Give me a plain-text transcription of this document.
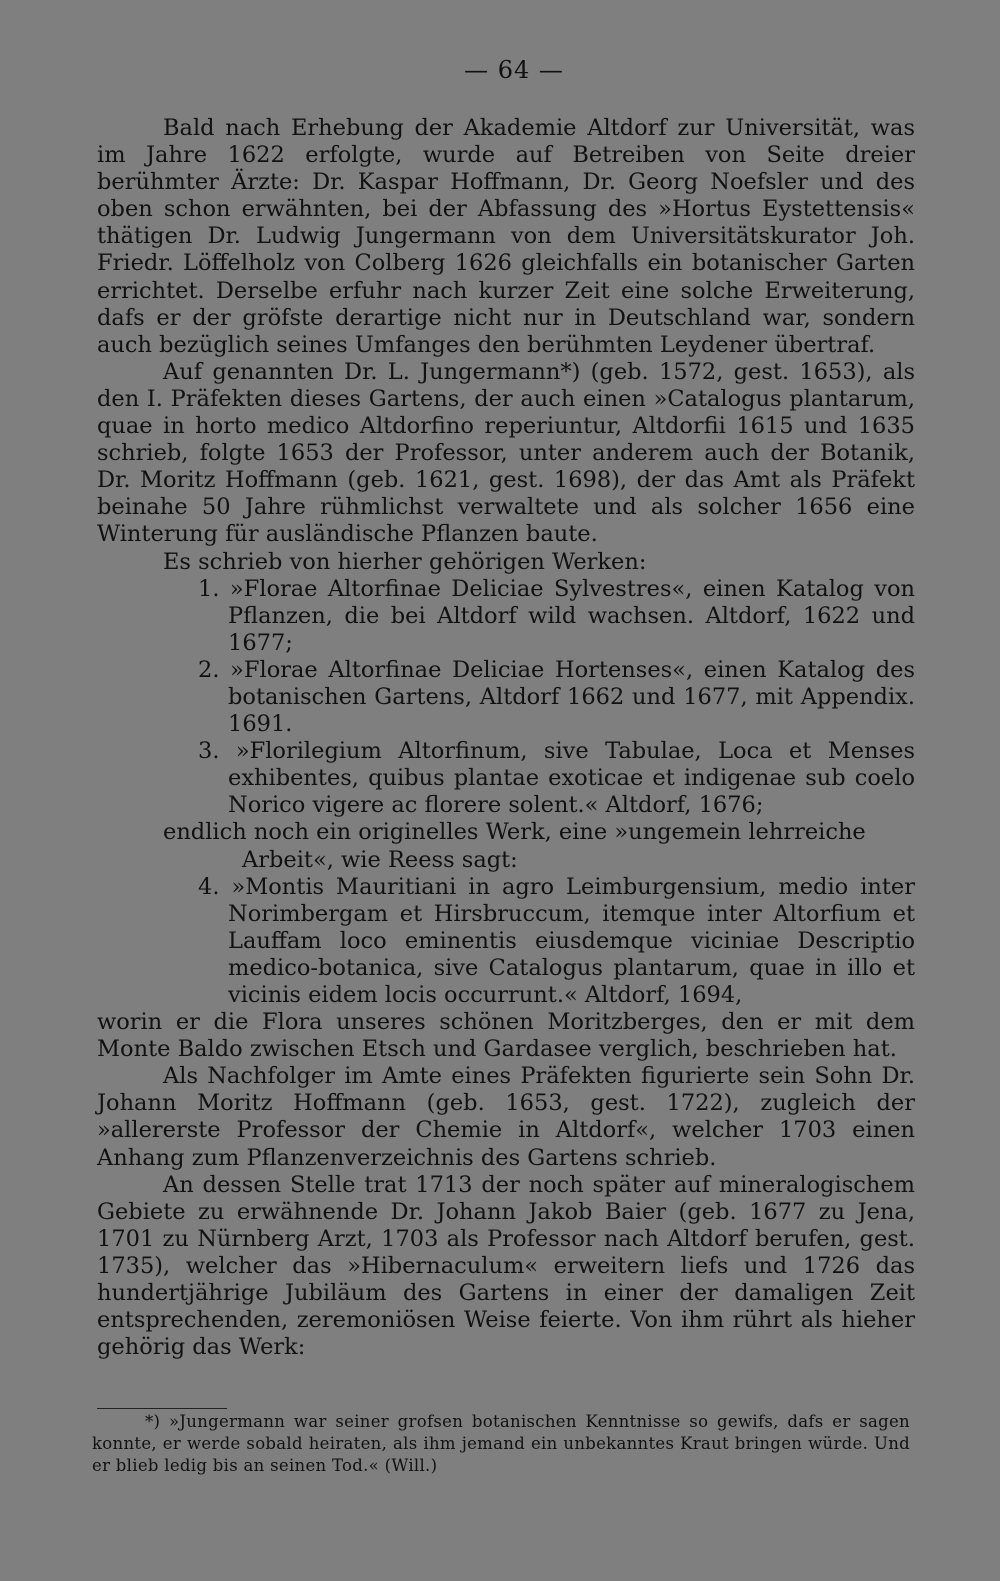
— 64 —

Bald nach Erhebung der Akademie Altdorf zur Universität, was im Jahre 1622 erfolgte, wurde auf Betreiben von Seite dreier berühmter Ärzte: Dr. Kaspar Hoffmann, Dr. Georg Noefsler und des oben schon erwähnten, bei der Abfassung des »Hortus Eystettensis« thätigen Dr. Ludwig Jungermann von dem Universitätskurator Joh. Friedr. Löffelholz von Colberg 1626 gleichfalls ein botanischer Garten errichtet. Derselbe erfuhr nach kurzer Zeit eine solche Erweiterung, dafs er der gröfste derartige nicht nur in Deutschland war, sondern auch bezüglich seines Umfanges den berühmten Leydener übertraf.

Auf genannten Dr. L. Jungermann*) (geb. 1572, gest. 1653), als den I. Präfekten dieses Gartens, der auch einen »Catalogus plantarum, quae in horto medico Altdorfino reperiuntur, Altdorfii 1615 und 1635 schrieb, folgte 1653 der Professor, unter anderem auch der Botanik, Dr. Moritz Hoffmann (geb. 1621, gest. 1698), der das Amt als Präfekt beinahe 50 Jahre rühmlichst verwaltete und als solcher 1656 eine Winterung für ausländische Pflanzen baute.

Es schrieb von hierher gehörigen Werken:

1. »Florae Altorfinae Deliciae Sylvestres«, einen Katalog von Pflanzen, die bei Altdorf wild wachsen. Altdorf, 1622 und 1677;

2. »Florae Altorfinae Deliciae Hortenses«, einen Katalog des botanischen Gartens, Altdorf 1662 und 1677, mit Appendix. 1691.

3. »Florilegium Altorfinum, sive Tabulae, Loca et Menses exhibentes, quibus plantae exoticae et indigenae sub coelo Norico vigere ac florere solent.« Altdorf, 1676;

endlich noch ein originelles Werk, eine »ungemein lehrreiche

Arbeit«, wie Reess sagt:

4. »Montis Mauritiani in agro Leimburgensium, medio inter Norimbergam et Hirsbruccum, itemque inter Altorfium et Lauffam loco eminentis eiusdemque viciniae Descriptio medico-botanica, sive Catalogus plantarum, quae in illo et vicinis eidem locis occurrunt.« Altdorf, 1694,

worin er die Flora unseres schönen Moritzberges, den er mit dem Monte Baldo zwischen Etsch und Gardasee verglich, beschrieben hat.

Als Nachfolger im Amte eines Präfekten figurierte sein Sohn Dr. Johann Moritz Hoffmann (geb. 1653, gest. 1722), zugleich der »allererste Professor der Chemie in Altdorf«, welcher 1703 einen Anhang zum Pflanzenverzeichnis des Gartens schrieb.

An dessen Stelle trat 1713 der noch später auf mineralogischem Gebiete zu erwähnende Dr. Johann Jakob Baier (geb. 1677 zu Jena, 1701 zu Nürnberg Arzt, 1703 als Professor nach Altdorf berufen, gest. 1735), welcher das »Hibernaculum« erweitern liefs und 1726 das hundertjährige Jubiläum des Gartens in einer der damaligen Zeit entsprechenden, zeremoniösen Weise feierte. Von ihm rührt als hieher gehörig das Werk:

*) »Jungermann war seiner grofsen botanischen Kenntnisse so gewifs, dafs er sagen konnte, er werde sobald heiraten, als ihm jemand ein unbekanntes Kraut bringen würde. Und er blieb ledig bis an seinen Tod.« (Will.)
